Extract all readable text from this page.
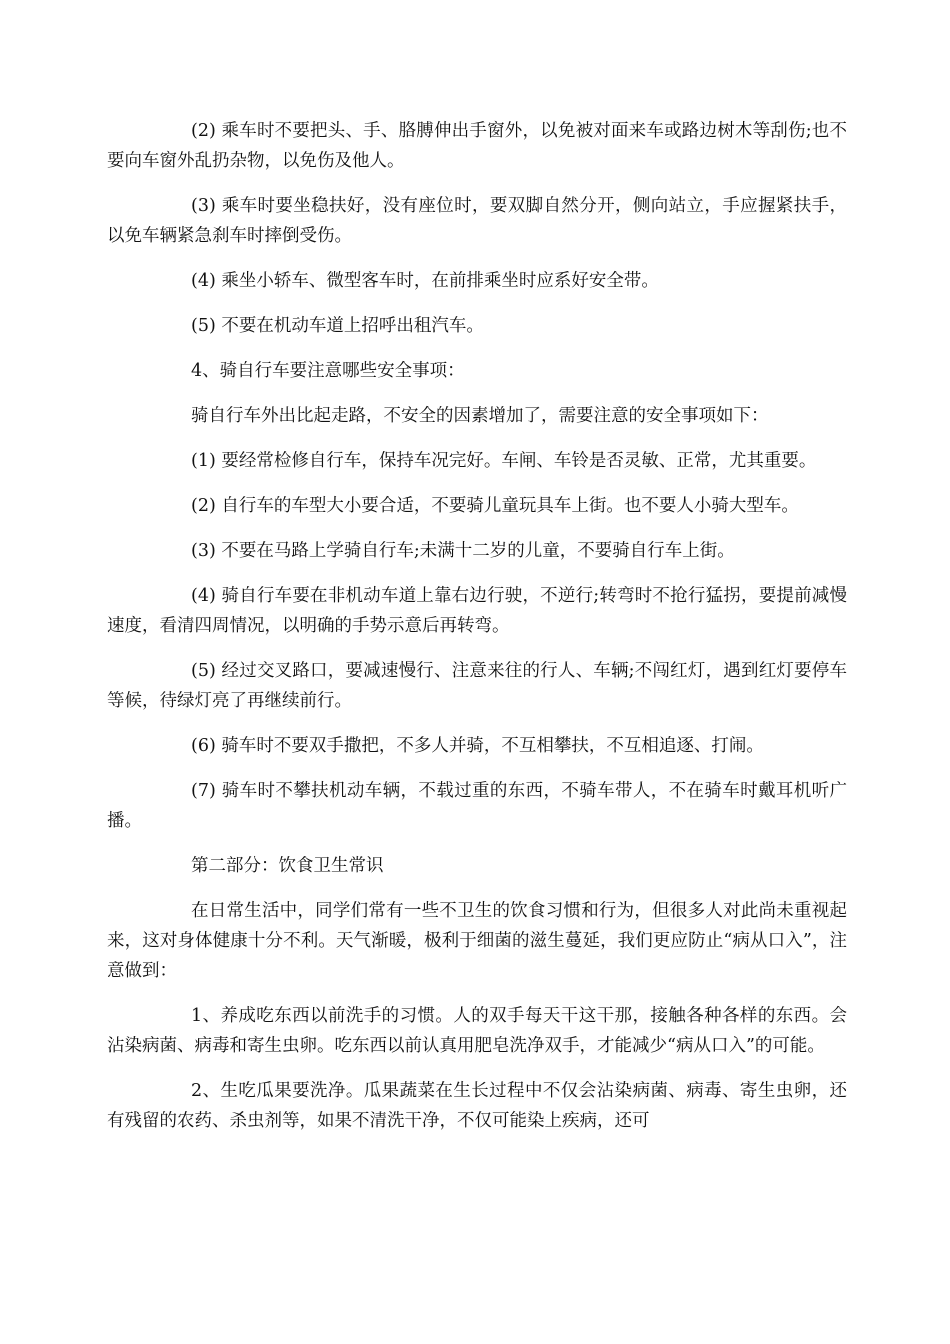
(2) 乘车时不要把头、手、胳膊伸出手窗外，以免被对面来车或路边树木等刮伤;也不要向车窗外乱扔杂物，以免伤及他人。

(3) 乘车时要坐稳扶好，没有座位时，要双脚自然分开，侧向站立，手应握紧扶手，以免车辆紧急刹车时摔倒受伤。

(4) 乘坐小轿车、微型客车时，在前排乘坐时应系好安全带。

(5) 不要在机动车道上招呼出租汽车。

4、骑自行车要注意哪些安全事项：

骑自行车外出比起走路，不安全的因素增加了，需要注意的安全事项如下：

(1) 要经常检修自行车，保持车况完好。车闸、车铃是否灵敏、正常，尤其重要。

(2) 自行车的车型大小要合适，不要骑儿童玩具车上街。也不要人小骑大型车。

(3) 不要在马路上学骑自行车;未满十二岁的儿童，不要骑自行车上街。

(4) 骑自行车要在非机动车道上靠右边行驶，不逆行;转弯时不抢行猛拐，要提前减慢速度，看清四周情况，以明确的手势示意后再转弯。

(5) 经过交叉路口，要减速慢行、注意来往的行人、车辆;不闯红灯，遇到红灯要停车等候，待绿灯亮了再继续前行。

(6) 骑车时不要双手撒把，不多人并骑，不互相攀扶，不互相追逐、打闹。

(7) 骑车时不攀扶机动车辆，不载过重的东西，不骑车带人，不在骑车时戴耳机听广播。

第二部分：饮食卫生常识

在日常生活中，同学们常有一些不卫生的饮食习惯和行为，但很多人对此尚未重视起来，这对身体健康十分不利。天气渐暖，极利于细菌的滋生蔓延，我们更应防止“病从口入”，注意做到：

1、养成吃东西以前洗手的习惯。人的双手每天干这干那，接触各种各样的东西。会沾染病菌、病毒和寄生虫卵。吃东西以前认真用肥皂洗净双手，才能减少“病从口入”的可能。

2、生吃瓜果要洗净。瓜果蔬菜在生长过程中不仅会沾染病菌、病毒、寄生虫卵，还有残留的农药、杀虫剂等，如果不清洗干净，不仅可能染上疾病，还可
